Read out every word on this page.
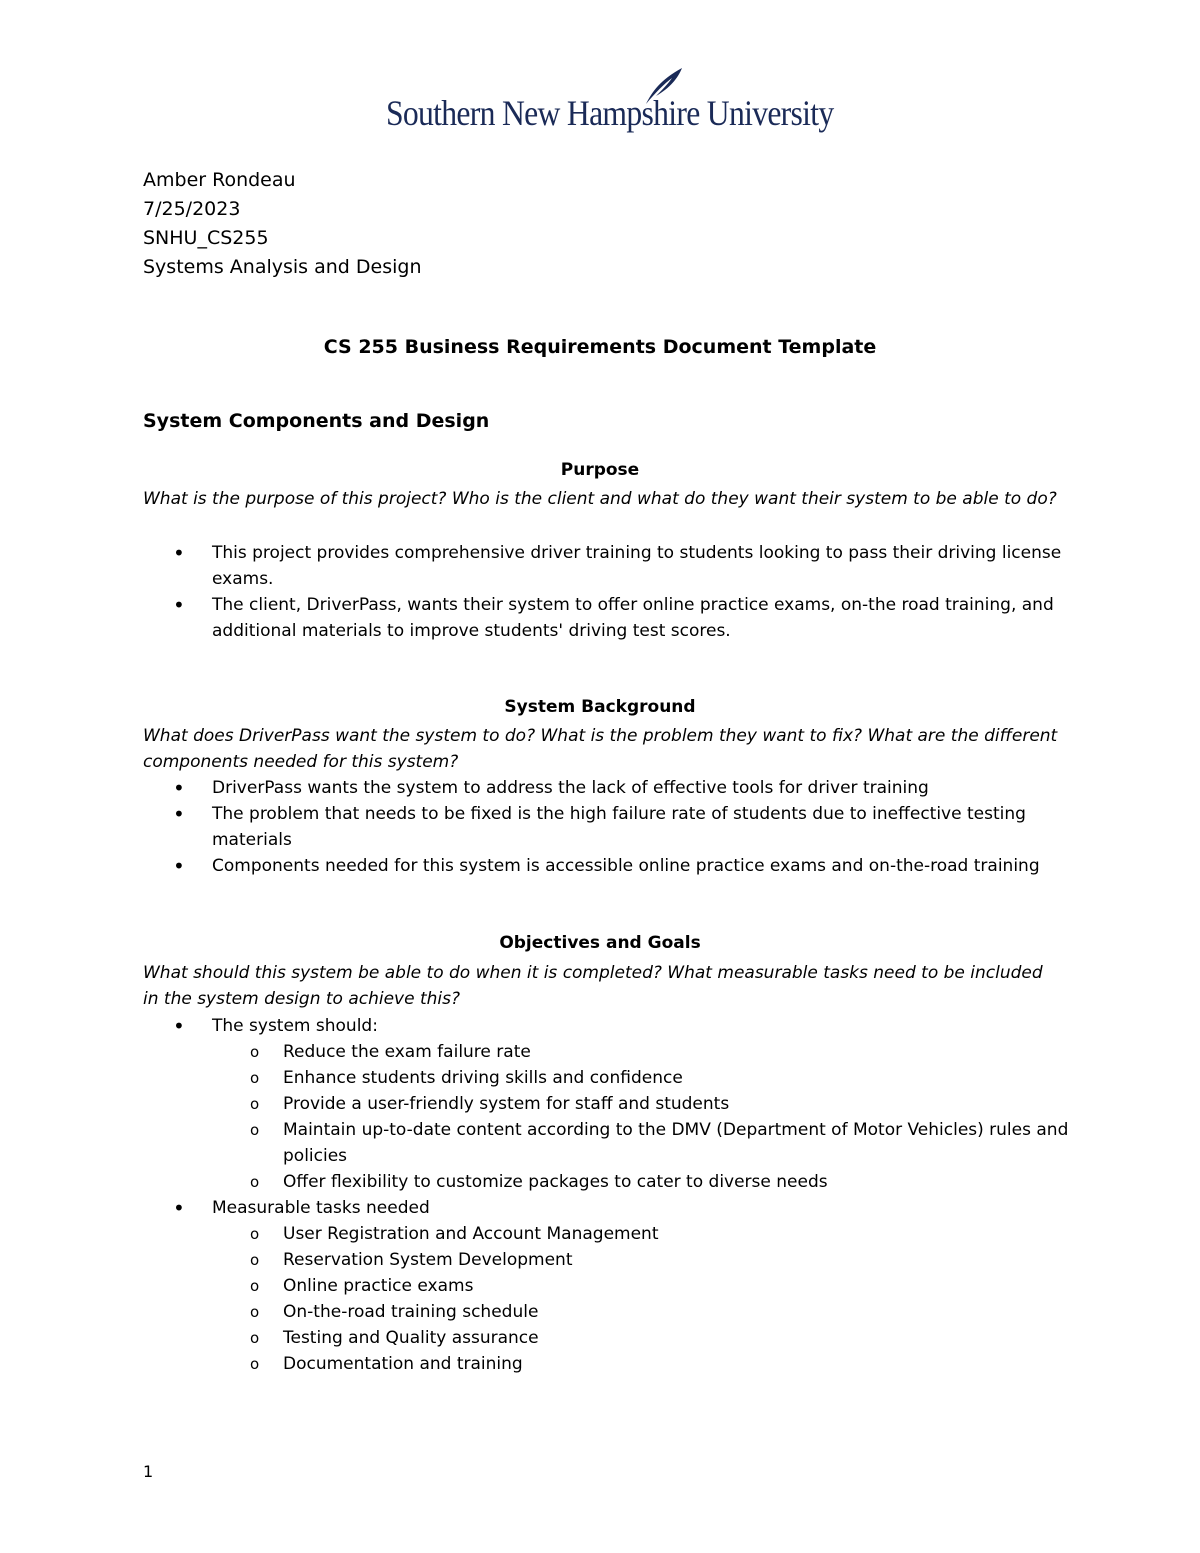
Southern New Hampshire University
Amber Rondeau
7/25/2023
SNHU_CS255
Systems Analysis and Design
CS 255 Business Requirements Document Template
System Components and Design
Purpose
What is the purpose of this project? Who is the client and what do they want their system to be able to do?
• This project provides comprehensive driver training to students looking to pass their driving license exams.
• The client, DriverPass, wants their system to offer online practice exams, on-the road training, and additional materials to improve students' driving test scores.
System Background
What does DriverPass want the system to do? What is the problem they want to fix? What are the different components needed for this system?
• DriverPass wants the system to address the lack of effective tools for driver training
• The problem that needs to be fixed is the high failure rate of students due to ineffective testing materials
• Components needed for this system is accessible online practice exams and on-the-road training
Objectives and Goals
What should this system be able to do when it is completed? What measurable tasks need to be included in the system design to achieve this?
• The system should:
o Reduce the exam failure rate
o Enhance students driving skills and confidence
o Provide a user-friendly system for staff and students
o Maintain up-to-date content according to the DMV (Department of Motor Vehicles) rules and policies
o Offer flexibility to customize packages to cater to diverse needs
• Measurable tasks needed
o User Registration and Account Management
o Reservation System Development
o Online practice exams
o On-the-road training schedule
o Testing and Quality assurance
o Documentation and training
1
